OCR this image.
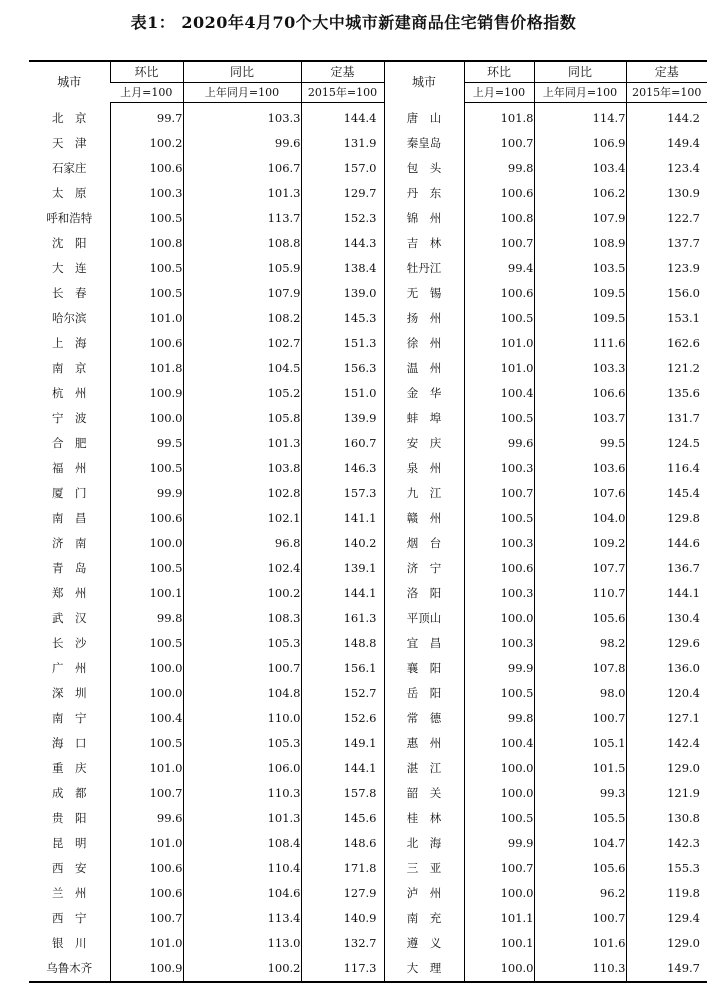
表1： 2020年4月70个大中城市新建商品住宅销售价格指数
城市	环比	同比	定基	城市	环比	同比	定基
	上月=100	上年同月=100	2015年=100		上月=100	上年同月=100	2015年=100
北　京	99.7	103.3	144.4	唐　山	101.8	114.7	144.2
天　津	100.2	99.6	131.9	秦皇岛	100.7	106.9	149.4
石家庄	100.6	106.7	157.0	包　头	99.8	103.4	123.4
太　原	100.3	101.3	129.7	丹　东	100.6	106.2	130.9
呼和浩特	100.5	113.7	152.3	锦　州	100.8	107.9	122.7
沈　阳	100.8	108.8	144.3	吉　林	100.7	108.9	137.7
大　连	100.5	105.9	138.4	牡丹江	99.4	103.5	123.9
长　春	100.5	107.9	139.0	无　锡	100.6	109.5	156.0
哈尔滨	101.0	108.2	145.3	扬　州	100.5	109.5	153.1
上　海	100.6	102.7	151.3	徐　州	101.0	111.6	162.6
南　京	101.8	104.5	156.3	温　州	101.0	103.3	121.2
杭　州	100.9	105.2	151.0	金　华	100.4	106.6	135.6
宁　波	100.0	105.8	139.9	蚌　埠	100.5	103.7	131.7
合　肥	99.5	101.3	160.7	安　庆	99.6	99.5	124.5
福　州	100.5	103.8	146.3	泉　州	100.3	103.6	116.4
厦　门	99.9	102.8	157.3	九　江	100.7	107.6	145.4
南　昌	100.6	102.1	141.1	赣　州	100.5	104.0	129.8
济　南	100.0	96.8	140.2	烟　台	100.3	109.2	144.6
青　岛	100.5	102.4	139.1	济　宁	100.6	107.7	136.7
郑　州	100.1	100.2	144.1	洛　阳	100.3	110.7	144.1
武　汉	99.8	108.3	161.3	平顶山	100.0	105.6	130.4
长　沙	100.5	105.3	148.8	宜　昌	100.3	98.2	129.6
广　州	100.0	100.7	156.1	襄　阳	99.9	107.8	136.0
深　圳	100.0	104.8	152.7	岳　阳	100.5	98.0	120.4
南　宁	100.4	110.0	152.6	常　德	99.8	100.7	127.1
海　口	100.5	105.3	149.1	惠　州	100.4	105.1	142.4
重　庆	101.0	106.0	144.1	湛　江	100.0	101.5	129.0
成　都	100.7	110.3	157.8	韶　关	100.0	99.3	121.9
贵　阳	99.6	101.3	145.6	桂　林	100.5	105.5	130.8
昆　明	101.0	108.4	148.6	北　海	99.9	104.7	142.3
西　安	100.6	110.4	171.8	三　亚	100.7	105.6	155.3
兰　州	100.6	104.6	127.9	泸　州	100.0	96.2	119.8
西　宁	100.7	113.4	140.9	南　充	101.1	100.7	129.4
银　川	101.0	113.0	132.7	遵　义	100.1	101.6	129.0
乌鲁木齐	100.9	100.2	117.3	大　理	100.0	110.3	149.7
